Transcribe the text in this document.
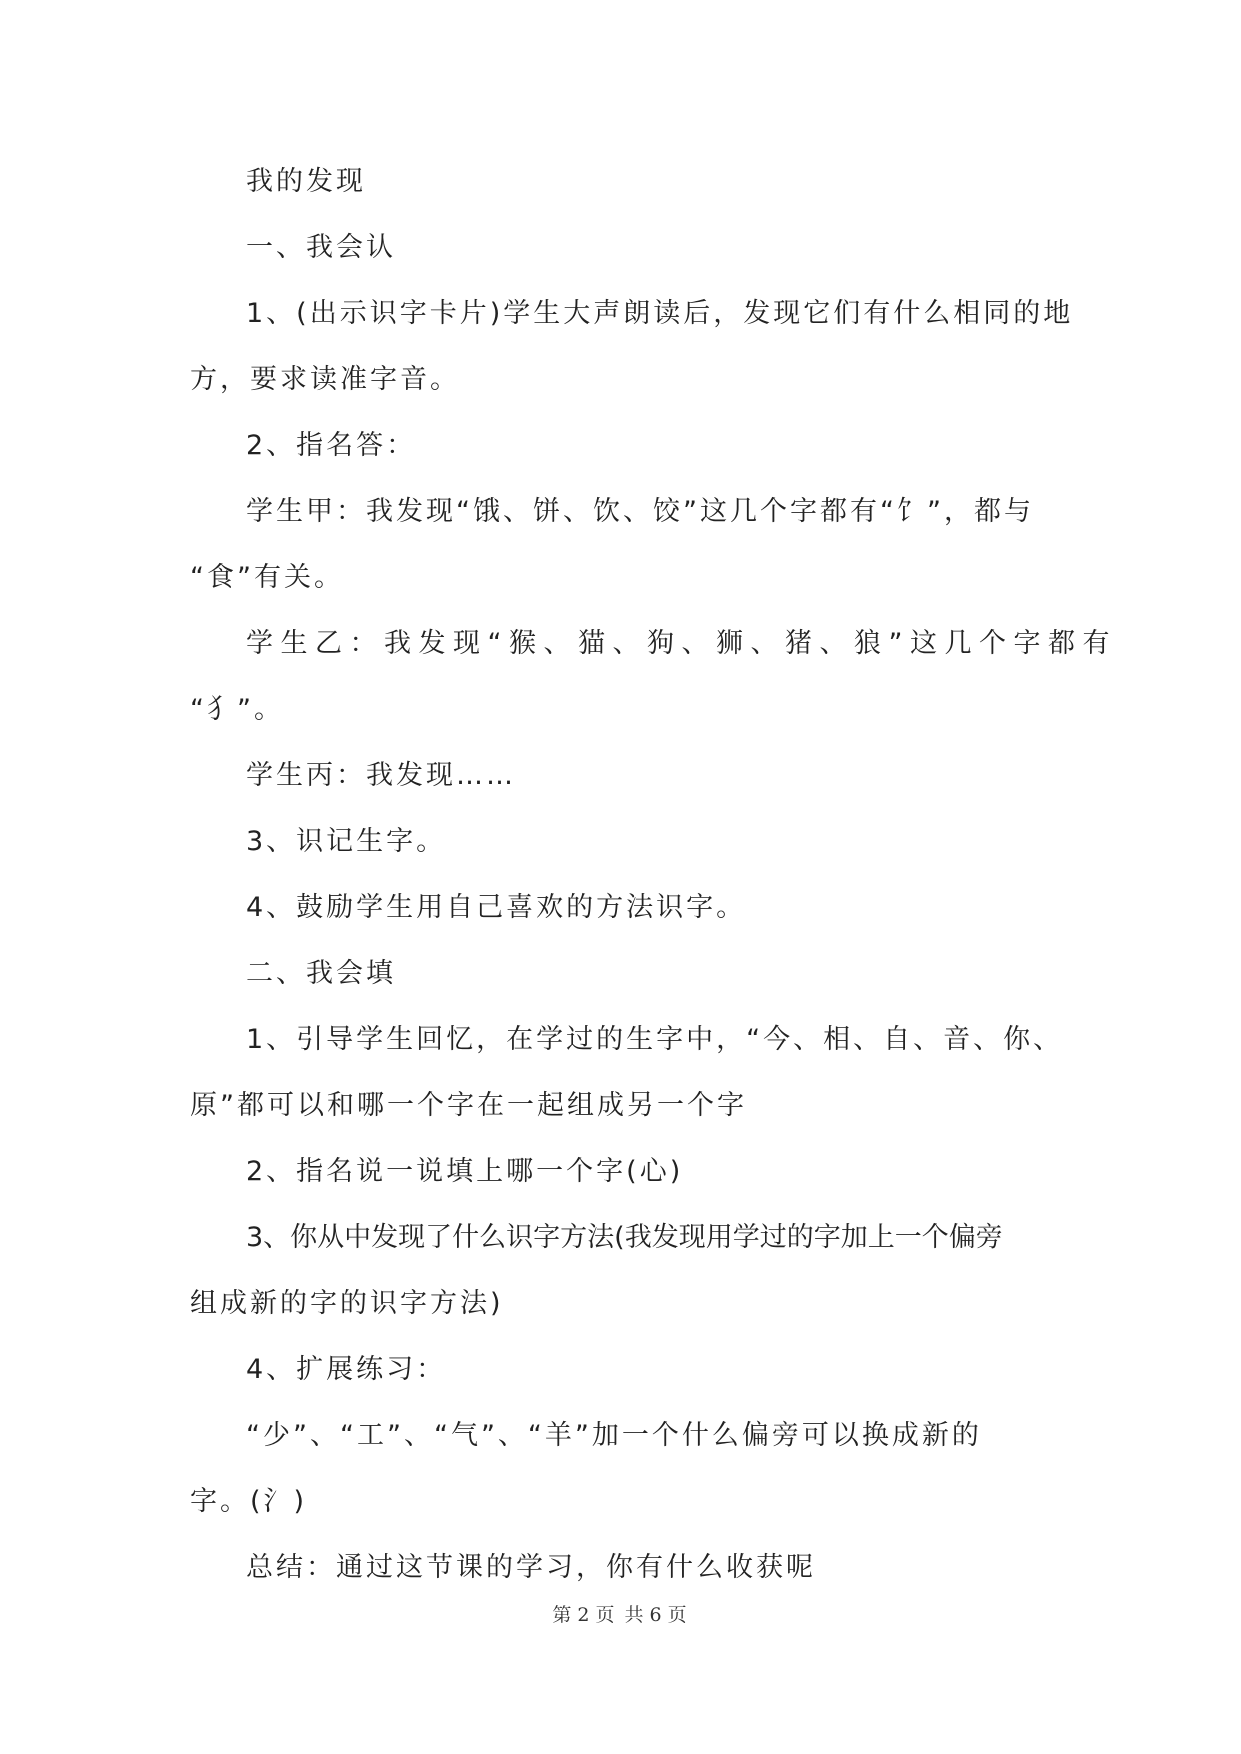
我的发现
一、我会认
1、(出示识字卡片)学生大声朗读后，发现它们有什么相同的地
方，要求读准字音。
2、指名答：
学生甲：我发现“饿、饼、饮、饺”这几个字都有“饣”，都与
“食”有关。
学生乙：我发现“猴、猫、狗、狮、猪、狼”这几个字都有
“犭”。
学生丙：我发现……
3、识记生字。
4、鼓励学生用自己喜欢的方法识字。
二、我会填
1、引导学生回忆，在学过的生字中，“今、相、自、音、你、
原”都可以和哪一个字在一起组成另一个字
2、指名说一说填上哪一个字(心)
3、你从中发现了什么识字方法(我发现用学过的字加上一个偏旁
组成新的字的识字方法)
4、扩展练习：
“少”、“工”、“气”、“羊”加一个什么偏旁可以换成新的
字。(氵)
总结：通过这节课的学习，你有什么收获呢
第 2 页 共 6 页
